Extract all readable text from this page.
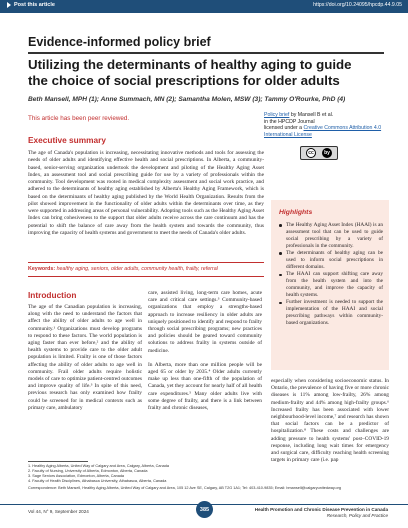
Post this article	https://doi.org/10.24095/hpcdp.44.9.05
Evidence-informed policy brief
Utilizing the determinants of healthy aging to guide the choice of social prescriptions for older adults
Beth Mansell, MPH (1); Anne Summach, MN (2); Samantha Molen, MSW (3); Tammy O'Rourke, PhD (4)
This article has been peer reviewed.	Policy brief by Mansell B et al.
in the HPCDP Journal
licensed under a Creative Commons Attribution 4.0 International License
cc	by
Executive summary

The age of Canada's population is increasing, necessitating innovative methods and tools for assessing the needs of older adults and identifying effective health and social prescriptions. In Alberta, a community-based, senior-serving organization undertook the development and piloting of the Healthy Aging Asset Index, an assessment tool and social prescribing guide for use by a variety of professionals within the community. Tool development was rooted in medical complexity assessment and social work practice, and adhered to the determinants of healthy aging established by Alberta's Healthy Aging Framework, which is based on the determinants of healthy aging published by the World Health Organization. Results from the pilot showed improvement in the functionality of older adults within the determinants over time, as they were supported in addressing areas of personal vulnerability. Adopting tools such as the Healthy Aging Asset Index can bring cohesiveness to the support that older adults receive across the care continuum and has the potential to shift the balance of care away from the health system and towards the community, thus improving the capacity of health systems and government to meet the needs of Canada's older adults.

Highlights
The Healthy Aging Asset Index (HAAI) is an assessment tool that can be used to guide social prescribing by a variety of professionals in the community.
The determinants of healthy aging can be used to inform social prescriptions in different domains.
The HAAI can support shifting care away from the health system and into the community, and improve the capacity of health systems.
Further investment is needed to support the implementation of the HAAI and social prescribing pathways within community-based organizations.
Keywords: healthy aging, seniors, older adults, community health, frailty, referral
Introduction
The age of the Canadian population is increasing, along with the need to understand the factors that affect the ability of older adults to age well in community.¹ Organizations must develop programs to respond to these factors. The world population is aging faster than ever before,² and the ability of health systems to provide care to the older adult population is limited. Frailty is one of those factors affecting the ability of older adults to age well in community. Frail older adults require holistic models of care to optimize patient-centred outcomes and improve quality of life.³ In spite of this need, previous research has only examined how frailty could be screened for in medical contexts such as primary care, ambulatory

care, assisted living, long-term care homes, acute care and critical care settings.³ Community-based organizations that employ a strengths-based approach to increase resiliency in older adults are uniquely positioned to identify and respond to frailty through social prescribing programs; new practices and policies should be geared toward community solutions to address frailty in systems outside of medicine.

In Alberta, more than one million people will be aged 65 or older by 2035.⁴ Older adults currently make up less than one-fifth of the population of Canada, yet they account for nearly half of all health care expenditures.⁵ Many older adults live with some degree of frailty, and there is a link between frailty and chronic diseases,

especially when considering socioeconomic status. In Ontario, the prevalence of having five or more chronic diseases is 11% among low-frailty, 26% among medium-frailty and 44% among high-frailty groups.⁶ Increased frailty has been associated with lower neighbourhood-level income,⁷ and research has shown that social factors can be a predictor of hospitalization.⁸ These costs and challenges are adding pressure to health systems' post–COVID-19 response, including long wait times for emergency and surgical care, difficulty reaching health screening targets in primary care (i.e. pap
1. Healthy Aging Alberta, United Way of Calgary and Area, Calgary, Alberta, Canada
2. Faculty of Nursing, University of Alberta, Edmonton, Alberta, Canada
3. Sage Seniors Association, Edmonton, Alberta, Canada
4. Faculty of Health Disciplines, Athabasca University, Athabasca, Alberta, Canada
Correspondence: Beth Mansell, Healthy Aging Alberta, United Way of Calgary and Area, 105 12 Ave SE, Calgary, AB T2G 1A1; Tel: 403-410-9835; Email: bmansell@calgaryunitedway.org
Vol 44, N° 9, September 2024	385	Health Promotion and Chronic Disease Prevention in Canada
Research, Policy and Practice
